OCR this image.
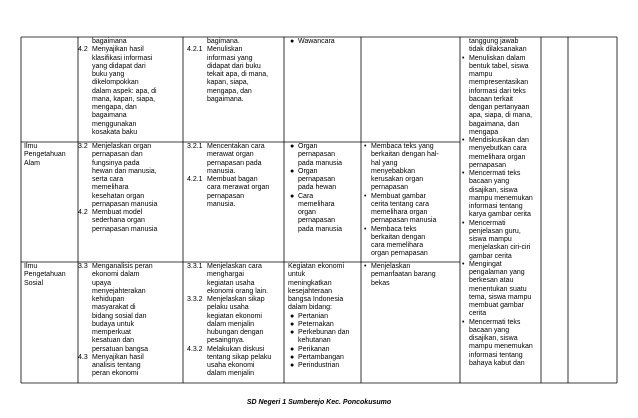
Ilmu Pengetahuan Alam
Ilmu Pengetahuan Sosial
bagaimana
4.2 Menyajikan hasil
klasifikasi informasi
yang didapat dari
buku yang
dikelompokkan
dalam aspek: apa, di
mana, kapan, siapa,
mengapa, dan
bagaimana
menggunakan
kosakata baku
3.2 Menjelaskan organ
pernapasan dan
fungsinya pada
hewan dan manusia,
serta cara
memelihara
kesehatan organ
pernapasan manusia
4.2 Membuat model
sederhana organ
pernapasan manusia
3.3 Menganalisis peran
ekonomi dalam
upaya
menyejahterakan
kehidupan
masyarakat di
bidang sosial dan
budaya untuk
memperkuat
kesatuan dan
persatuan bangsa
4.3 Menyajikan hasil
analisis tentang
peran ekonomi
bagimana.
4.2.1 Menuliskan
informasi yang
didapat dari buku
tekait apa, di mana,
kapan, siapa,
mengapa, dan
bagaimana.
3.2.1 Mencentakan cara
merawat organ
pernapasan pada
manusia.
4.2.1 Membuat bagan
cara merawat organ
pernapasan
manusia.
3.3.1 Menjelaskan cara
menghargai
kegiatan usaha
ekonomi orang lain.
3.3.2 Menjelaskan sikap
pelaku usaha
kegiatan ekonomi
dalam menjalin
hubungan dengan
pesaingnya.
4.3.2 Melakukan diskusi
tentang sikap pelaku
usaha ekonomi
dalam menjalin
● Wawancara
● Organ
pernapasan
pada manusia
● Organ
pernapasan
pada hewan
● Cara
memelihara
organ
pernapasan
pada manusia
Kegiatan ekonomi
untuk
meningkatkan
kesejahteraan
bangsa Indonesia
dalam bidang:
● Pertanian
● Peternakan
● Perkebunan dan
kehutanan
● Perikanan
● Pertambangan
● Perindustrian
• Membaca teks yang
berkaitan dengan hal-
hal yang
menyebabkan
kerusakan organ
pernapasan
• Membuat gambar
cerita tentang cara
memelihara organ
pernapasan manusia
• Membaca teks
berkaitan dengan
cara memelihara
organ pernapasan
• Menjelaskan
pemanfaatan barang
bekas
tanggung jawab
tidak dilaksanakan
• Menuliskan dalam
bentuk tabel, siswa
mampu
mempresentasikan
informasi dari teks
bacaan terkait
dengan pertanyaan
apa, siapa, di mana,
bagaimana, dan
mengapa
• Mendiskusikan dan
menyebutkan cara
memelihara organ
pernapasan
• Mencermati teks
bacaan yang
disajikan, siswa
mampu menemukan
informasi tentang
karya gambar cerita
• Mencermati
penjelasan guru,
siswa mampu
menjelaskan ciri-ciri
gambar cerita
• Mengingat
pengalaman yang
berkesan atau
menentukan suatu
tema, siswa mampu
membuat gambar
cerita
• Mencermati teks
bacaan yang
disajikan, siswa
mampu menemukan
informasi tentang
bahaya kabut dan
SD Negeri 1 Sumberejo Kec. Poncokusumo
